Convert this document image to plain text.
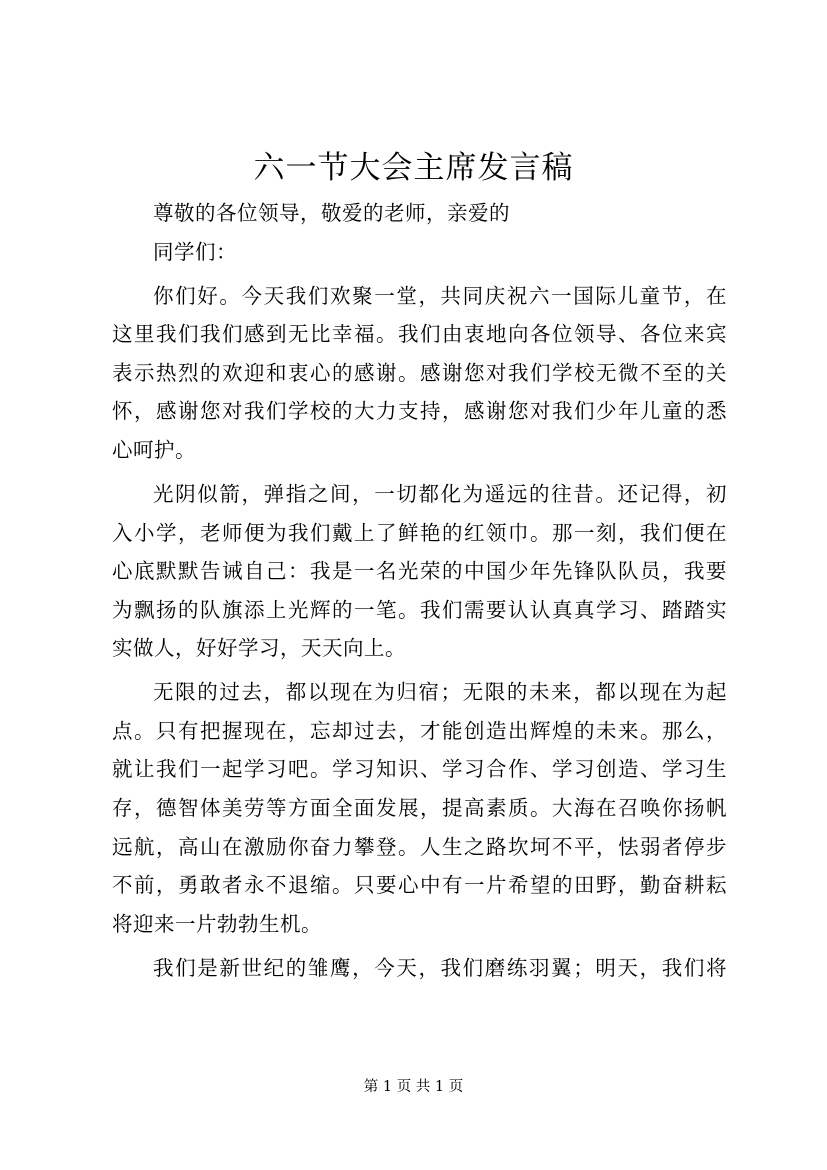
六一节大会主席发言稿
尊敬的各位领导，敬爱的老师，亲爱的
同学们：
你们好。今天我们欢聚一堂，共同庆祝六一国际儿童节，在
这里我们我们感到无比幸福。我们由衷地向各位领导、各位来宾
表示热烈的欢迎和衷心的感谢。感谢您对我们学校无微不至的关
怀，感谢您对我们学校的大力支持，感谢您对我们少年儿童的悉
心呵护。
光阴似箭，弹指之间，一切都化为遥远的往昔。还记得，初
入小学，老师便为我们戴上了鲜艳的红领巾。那一刻，我们便在
心底默默告诫自己：我是一名光荣的中国少年先锋队队员，我要
为飘扬的队旗添上光辉的一笔。我们需要认认真真学习、踏踏实
实做人，好好学习，天天向上。
无限的过去，都以现在为归宿；无限的未来，都以现在为起
点。只有把握现在，忘却过去，才能创造出辉煌的未来。那么，
就让我们一起学习吧。学习知识、学习合作、学习创造、学习生
存，德智体美劳等方面全面发展，提高素质。大海在召唤你扬帆
远航，高山在激励你奋力攀登。人生之路坎坷不平，怯弱者停步
不前，勇敢者永不退缩。只要心中有一片希望的田野，勤奋耕耘
将迎来一片勃勃生机。
我们是新世纪的雏鹰，今天，我们磨练羽翼；明天，我们将
第 1 页 共 1 页
